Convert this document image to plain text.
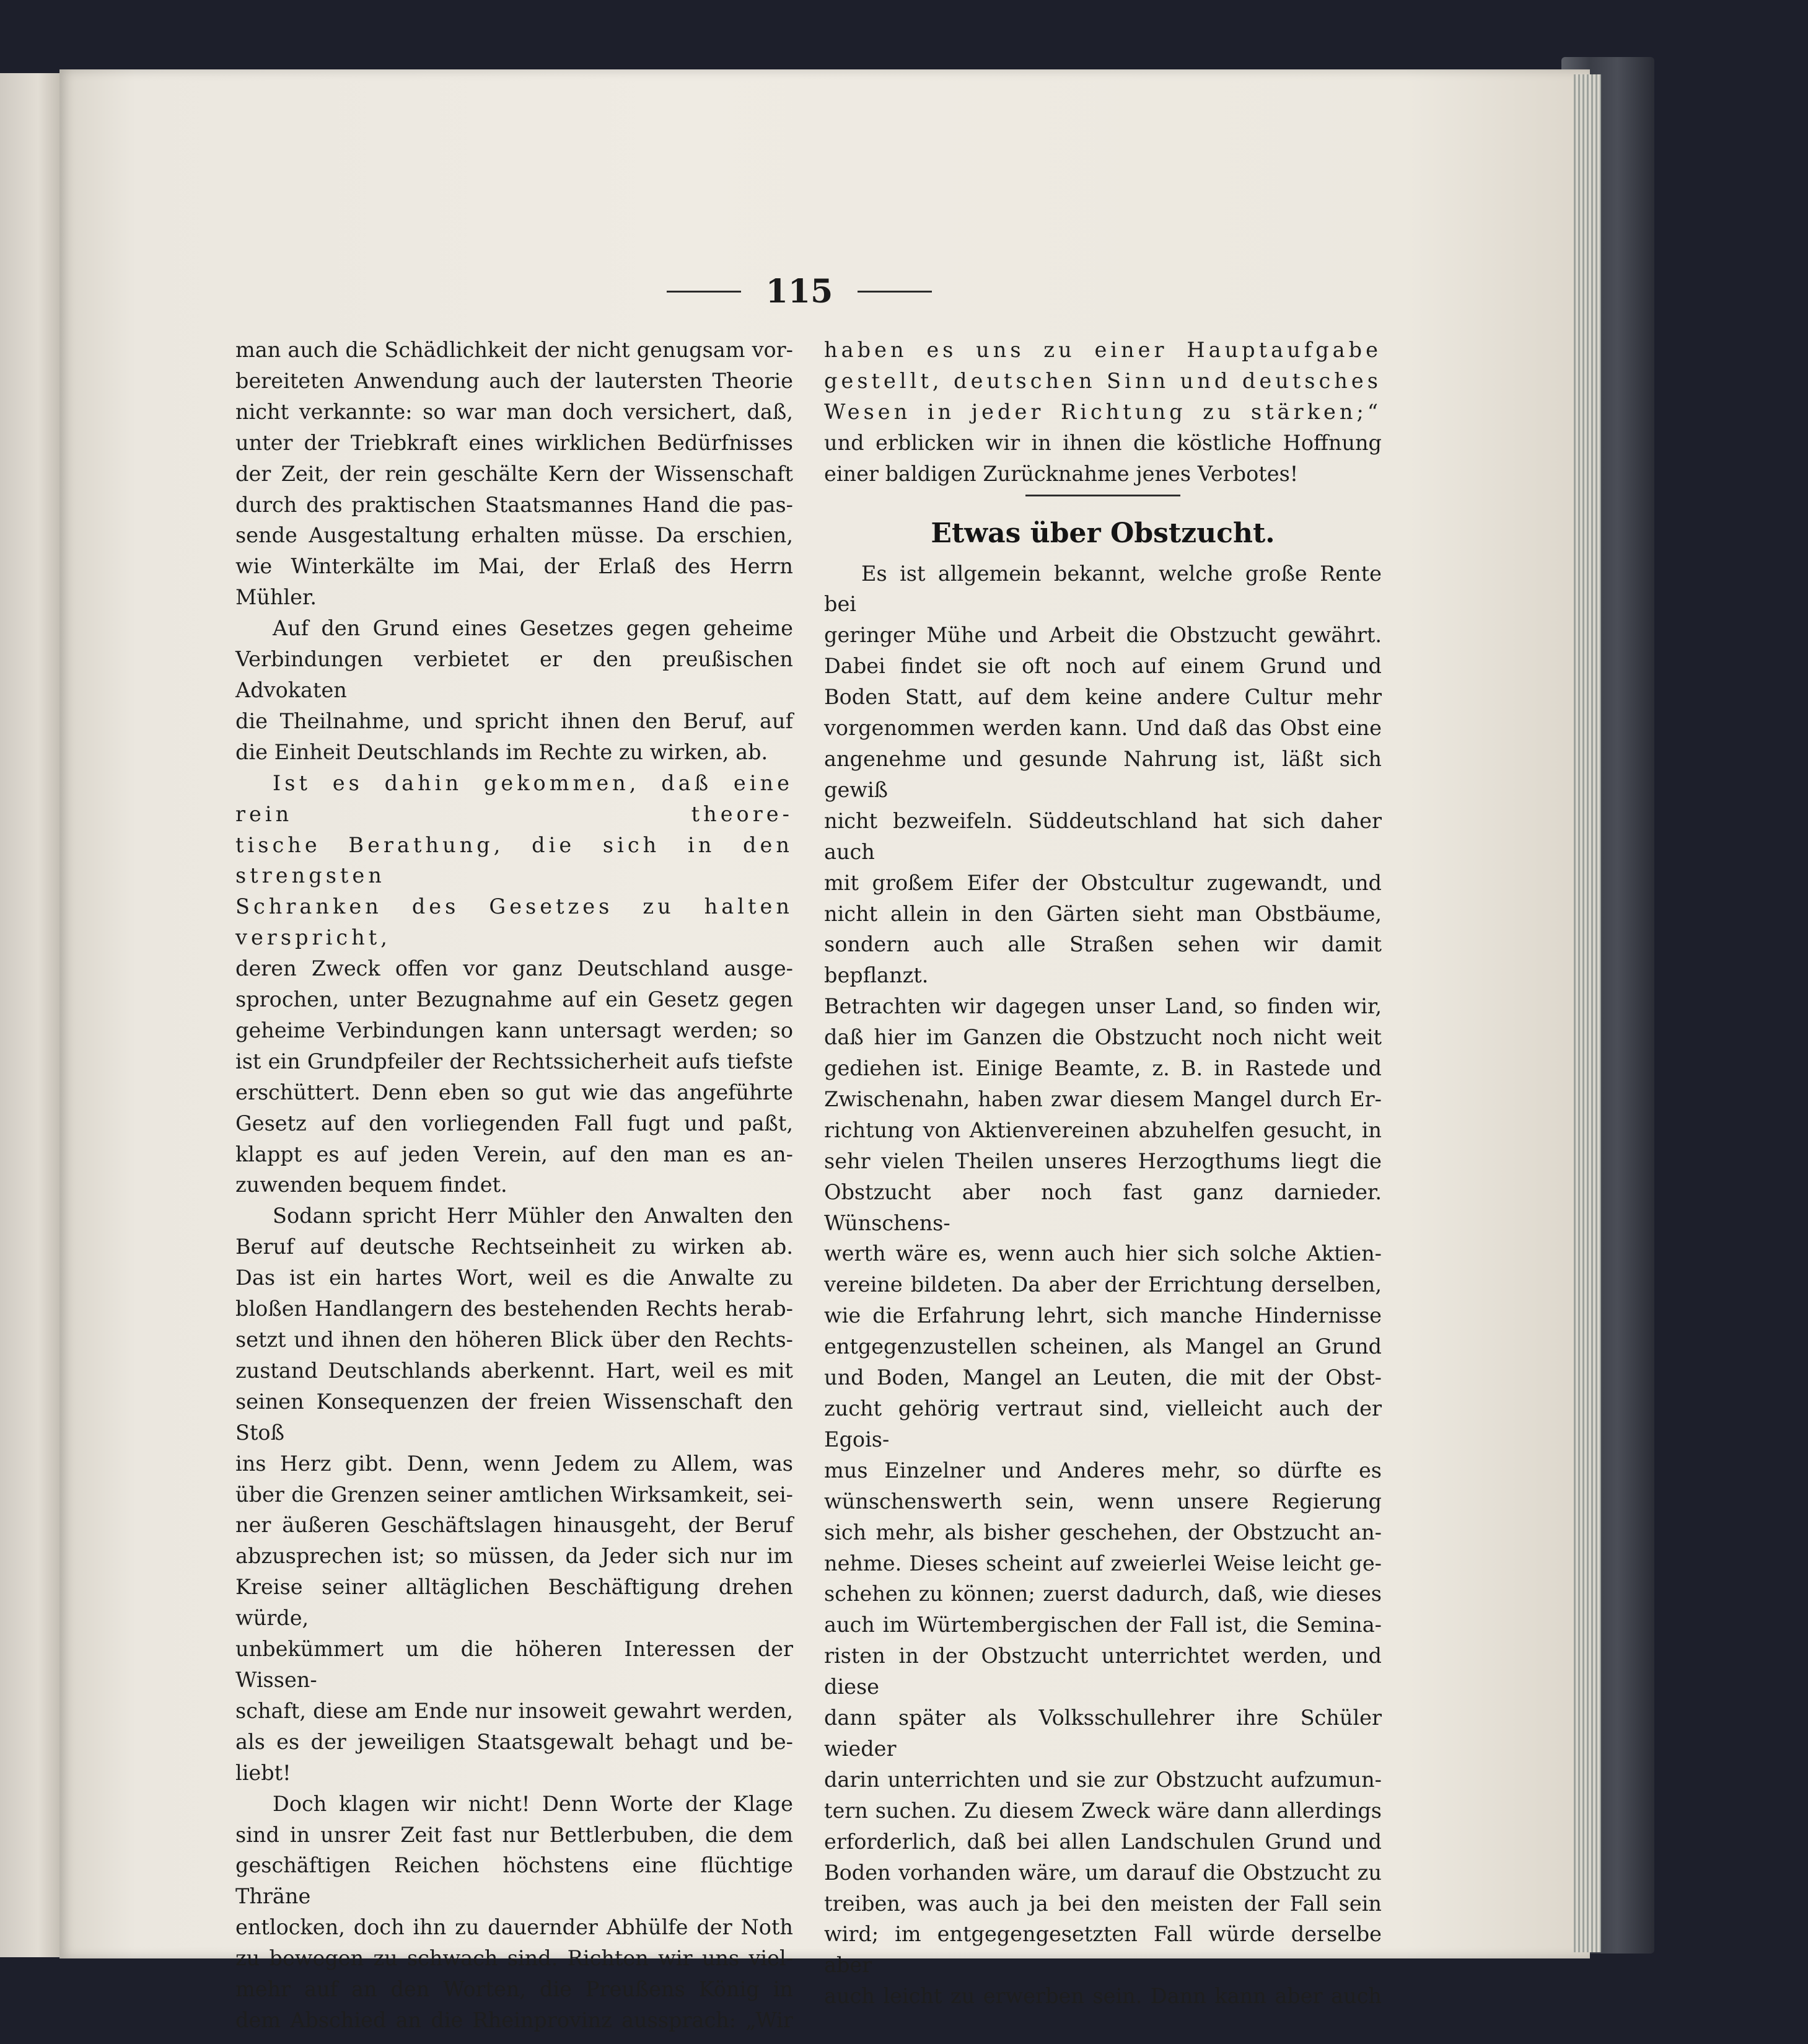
115

man auch die Schädlichkeit der nicht genugsam vor-

bereiteten Anwendung auch der lautersten Theorie

nicht verkannte: so war man doch versichert, daß,

unter der Triebkraft eines wirklichen Bedürfnisses

der Zeit, der rein geschälte Kern der Wissenschaft

durch des praktischen Staatsmannes Hand die pas-

sende Ausgestaltung erhalten müsse. Da erschien,

wie Winterkälte im Mai, der Erlaß des Herrn Mühler.

Auf den Grund eines Gesetzes gegen geheime

Verbindungen verbietet er den preußischen Advokaten

die Theilnahme, und spricht ihnen den Beruf, auf

die Einheit Deutschlands im Rechte zu wirken, ab.

Ist es dahin gekommen, daß eine rein theore-

tische Berathung, die sich in den strengsten

Schranken des Gesetzes zu halten verspricht,

deren Zweck offen vor ganz Deutschland ausge-

sprochen, unter Bezugnahme auf ein Gesetz gegen

geheime Verbindungen kann untersagt werden; so

ist ein Grundpfeiler der Rechtssicherheit aufs tiefste

erschüttert. Denn eben so gut wie das angeführte

Gesetz auf den vorliegenden Fall fugt und paßt,

klappt es auf jeden Verein, auf den man es an-

zuwenden bequem findet.

Sodann spricht Herr Mühler den Anwalten den

Beruf auf deutsche Rechtseinheit zu wirken ab.

Das ist ein hartes Wort, weil es die Anwalte zu

bloßen Handlangern des bestehenden Rechts herab-

setzt und ihnen den höheren Blick über den Rechts-

zustand Deutschlands aberkennt. Hart, weil es mit

seinen Konsequenzen der freien Wissenschaft den Stoß

ins Herz gibt. Denn, wenn Jedem zu Allem, was

über die Grenzen seiner amtlichen Wirksamkeit, sei-

ner äußeren Geschäftslagen hinausgeht, der Beruf

abzusprechen ist; so müssen, da Jeder sich nur im

Kreise seiner alltäglichen Beschäftigung drehen würde,

unbekümmert um die höheren Interessen der Wissen-

schaft, diese am Ende nur insoweit gewahrt werden,

als es der jeweiligen Staatsgewalt behagt und be-

liebt!

Doch klagen wir nicht! Denn Worte der Klage

sind in unsrer Zeit fast nur Bettlerbuben, die dem

geschäftigen Reichen höchstens eine flüchtige Thräne

entlocken, doch ihn zu dauernder Abhülfe der Noth

zu bewegen zu schwach sind. Richten wir uns viel-

mehr auf an den Worten, die Preußens König in

dem Abschied an die Rheinprovinz aussprach: „Wir

haben es uns zu einer Hauptaufgabe

gestellt, deutschen Sinn und deutsches

Wesen in jeder Richtung zu stärken;“

und erblicken wir in ihnen die köstliche Hoffnung

einer baldigen Zurücknahme jenes Verbotes!

Etwas über Obstzucht.

Es ist allgemein bekannt, welche große Rente bei

geringer Mühe und Arbeit die Obstzucht gewährt.

Dabei findet sie oft noch auf einem Grund und

Boden Statt, auf dem keine andere Cultur mehr

vorgenommen werden kann. Und daß das Obst eine

angenehme und gesunde Nahrung ist, läßt sich gewiß

nicht bezweifeln. Süddeutschland hat sich daher auch

mit großem Eifer der Obstcultur zugewandt, und

nicht allein in den Gärten sieht man Obstbäume,

sondern auch alle Straßen sehen wir damit bepflanzt.

Betrachten wir dagegen unser Land, so finden wir,

daß hier im Ganzen die Obstzucht noch nicht weit

gediehen ist. Einige Beamte, z. B. in Rastede und

Zwischenahn, haben zwar diesem Mangel durch Er-

richtung von Aktienvereinen abzuhelfen gesucht, in

sehr vielen Theilen unseres Herzogthums liegt die

Obstzucht aber noch fast ganz darnieder. Wünschens-

werth wäre es, wenn auch hier sich solche Aktien-

vereine bildeten. Da aber der Errichtung derselben,

wie die Erfahrung lehrt, sich manche Hindernisse

entgegenzustellen scheinen, als Mangel an Grund

und Boden, Mangel an Leuten, die mit der Obst-

zucht gehörig vertraut sind, vielleicht auch der Egois-

mus Einzelner und Anderes mehr, so dürfte es

wünschenswerth sein, wenn unsere Regierung

sich mehr, als bisher geschehen, der Obstzucht an-

nehme. Dieses scheint auf zweierlei Weise leicht ge-

schehen zu können; zuerst dadurch, daß, wie dieses

auch im Würtembergischen der Fall ist, die Semina-

risten in der Obstzucht unterrichtet werden, und diese

dann später als Volksschullehrer ihre Schüler wieder

darin unterrichten und sie zur Obstzucht aufzumun-

tern suchen. Zu diesem Zweck wäre dann allerdings

erforderlich, daß bei allen Landschulen Grund und

Boden vorhanden wäre, um darauf die Obstzucht zu

treiben, was auch ja bei den meisten der Fall sein

wird; im entgegengesetzten Fall würde derselbe aber

auch leicht zu erwerben sein. Dann kann aber auch
